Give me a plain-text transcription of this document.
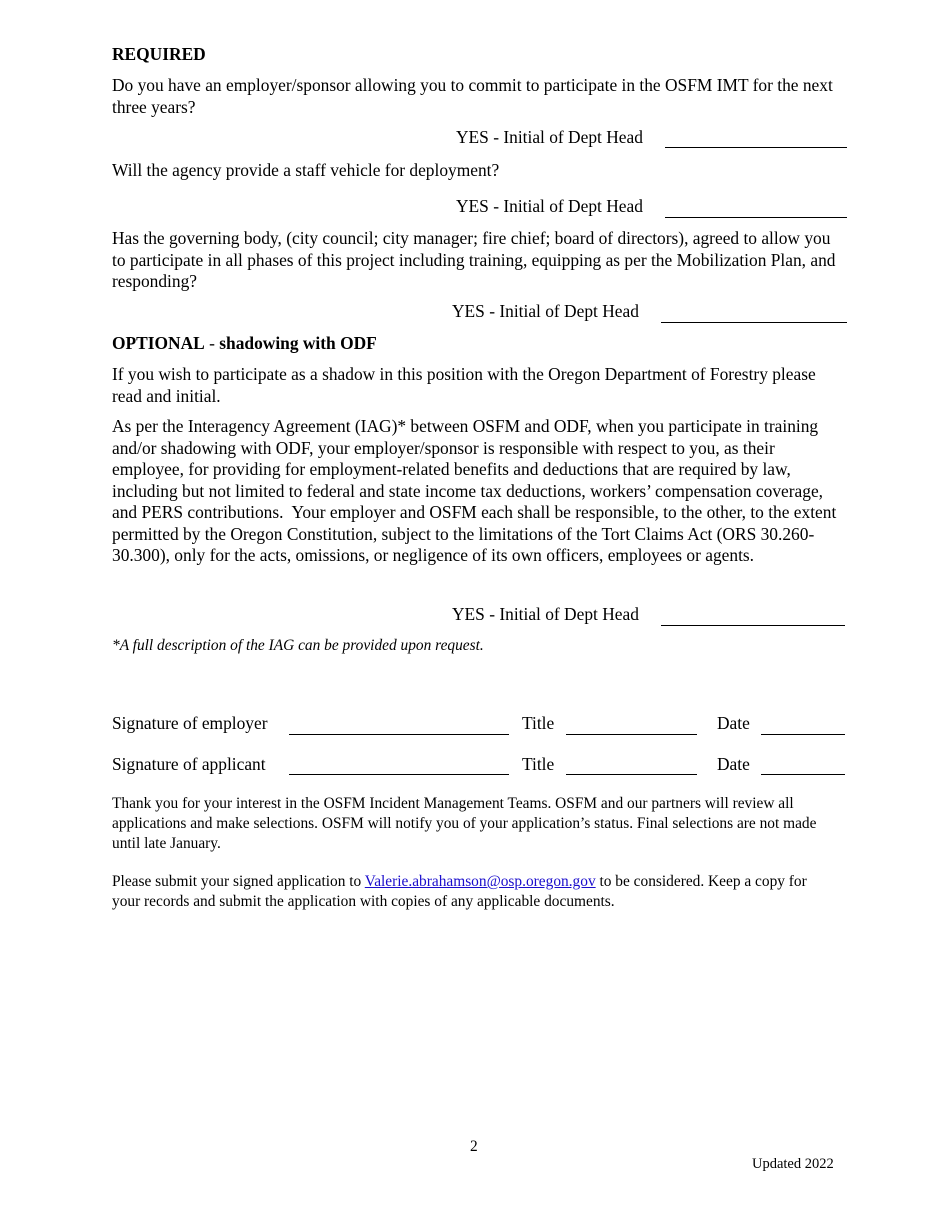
REQUIRED
Do you have an employer/sponsor allowing you to commit to participate in the OSFM IMT for the next three years?
YES - Initial of Dept Head
Will the agency provide a staff vehicle for deployment?
YES - Initial of Dept Head
Has the governing body, (city council; city manager; fire chief; board of directors), agreed to allow you to participate in all phases of this project including training, equipping as per the Mobilization Plan, and responding?
YES - Initial of Dept Head
OPTIONAL - shadowing with ODF
If you wish to participate as a shadow in this position with the Oregon Department of Forestry please read and initial.
As per the Interagency Agreement (IAG)* between OSFM and ODF, when you participate in training and/or shadowing with ODF, your employer/sponsor is responsible with respect to you, as their employee, for providing for employment-related benefits and deductions that are required by law, including but not limited to federal and state income tax deductions, workers’ compensation coverage, and PERS contributions.  Your employer and OSFM each shall be responsible, to the other, to the extent permitted by the Oregon Constitution, subject to the limitations of the Tort Claims Act (ORS 30.260-30.300), only for the acts, omissions, or negligence of its own officers, employees or agents.
YES - Initial of Dept Head
*A full description of the IAG can be provided upon request.
Signature of employer	Title	Date
Signature of applicant	Title	Date
Thank you for your interest in the OSFM Incident Management Teams. OSFM and our partners will review all applications and make selections. OSFM will notify you of your application’s status. Final selections are not made until late January.
Please submit your signed application to Valerie.abrahamson@osp.oregon.gov to be considered. Keep a copy for your records and submit the application with copies of any applicable documents.
2
Updated 2022
